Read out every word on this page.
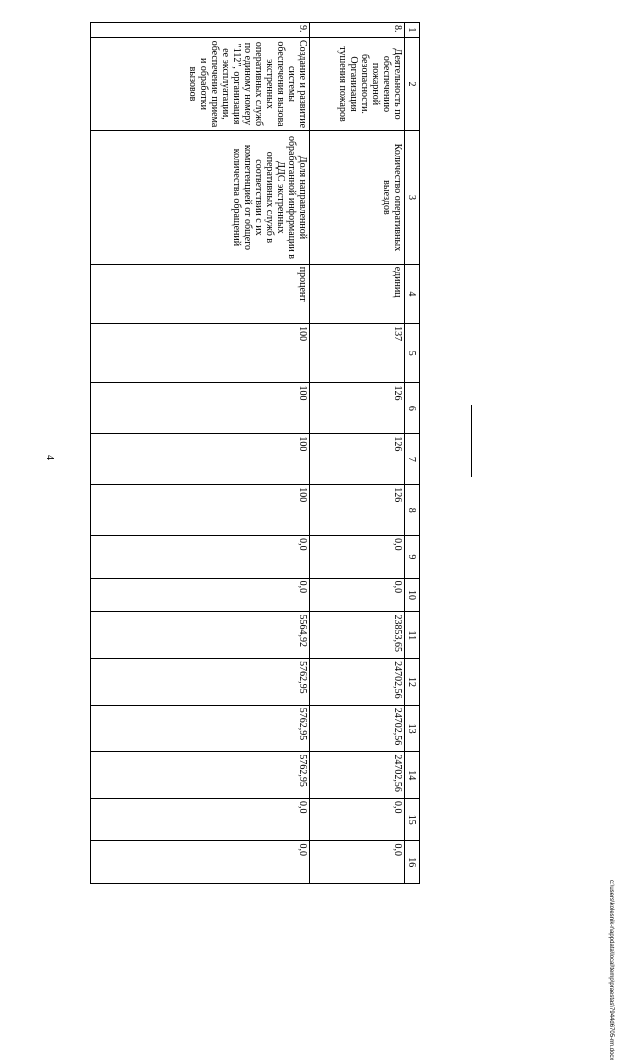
4
c:\users\kolesnik-r\appdata\local\temp\praestas\7944d6705-rm.docx
1	2	3	4	5	6	7	8	9	10	11	12	13	14	15	16
8.	Деятельность по обеспечению пожарной безопасности. Организация тушения пожаров	Количество оперативных выездов	единиц	137	126	126	126	0,0	0,0	23853,65	24702,56	24702,56	24702,56	0,0	0,0
9.	Создание и развитие системы обеспечения вызова экстренных оперативных служб по единому номеру "112", организация ее эксплуатации, обеспечение приема и обработки вызовов	Доля направленной обработанной информации в ДДС экстренных оперативных служб в соответствии с их компетенцией от общего количества обращений	процент	100	100	100	100	0,0	0,0	5564,92	5762,95	5762,95	5762,95	0,0	0,0
